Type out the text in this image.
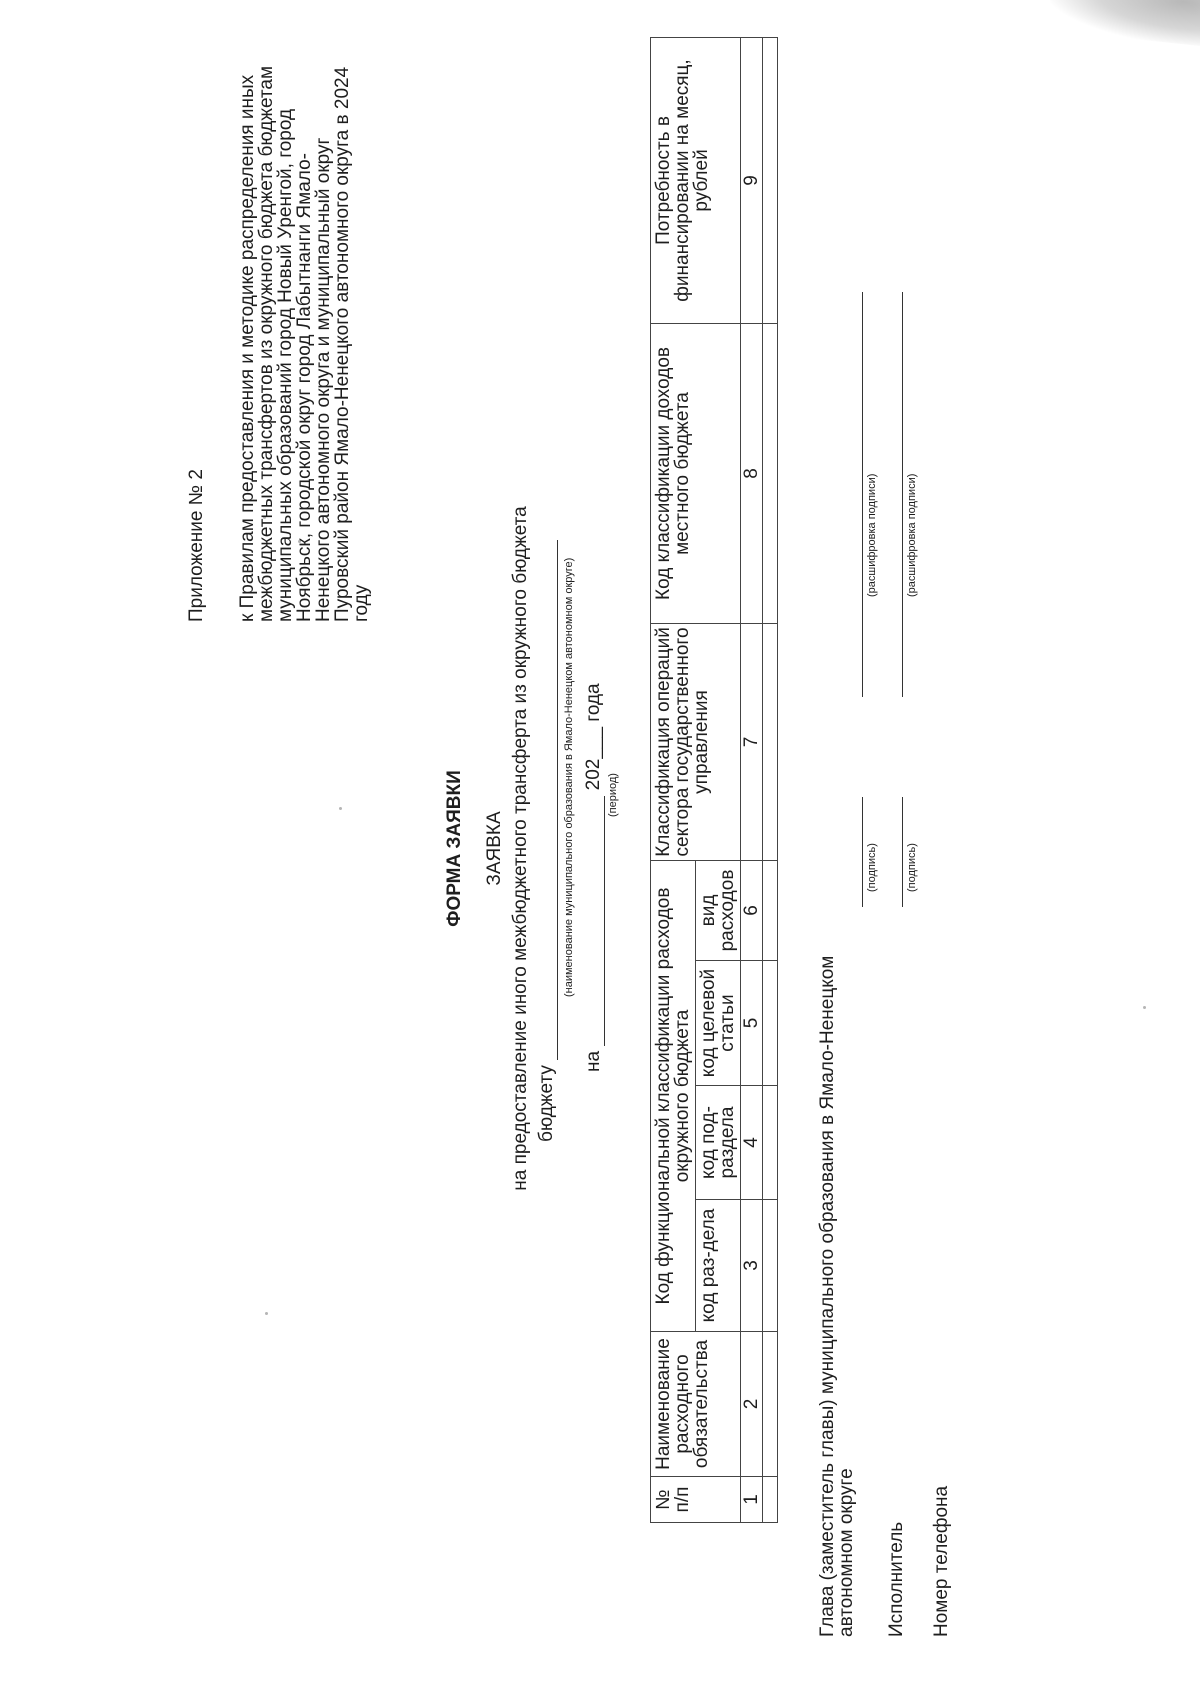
Приложение № 2 к Правилам предоставления и методике распределения иных межбюджетных трансфертов из окружного бюджета бюджетам муниципальных образований город Новый Уренгой, город Ноябрьск, городской округ город Лабытнанги Ямало-Ненецкого автономного округа и муниципальный округ Пуровский район Ямало-Ненецкого автономного округа в 2024 году
ФОРМА ЗАЯВКИ ЗАЯВКА на предоставление иного межбюджетного трансферта из окружного бюджета бюджету
(наименование муниципального образования в Ямало-Ненецком автономном округе)
на  202___ года
(период)
№ п/п	Наименование расходного обязательства	Код функциональной классификации расходов окружного бюджета				Классификация операций сектора государственного управления	Код классификации доходов местного бюджета	Потребность в финансировании на месяц, рублей
		код раз-дела	код под-раздела	код целевой статьи	вид расходов			
1	2	3	4	5	6	7	8	9

Глава (заместитель главы) муниципального образования в Ямало-Ненецком автономном округе Исполнитель Номер телефона
(подпись)
(расшифровка подписи)
(подпись)
(расшифровка подписи)
